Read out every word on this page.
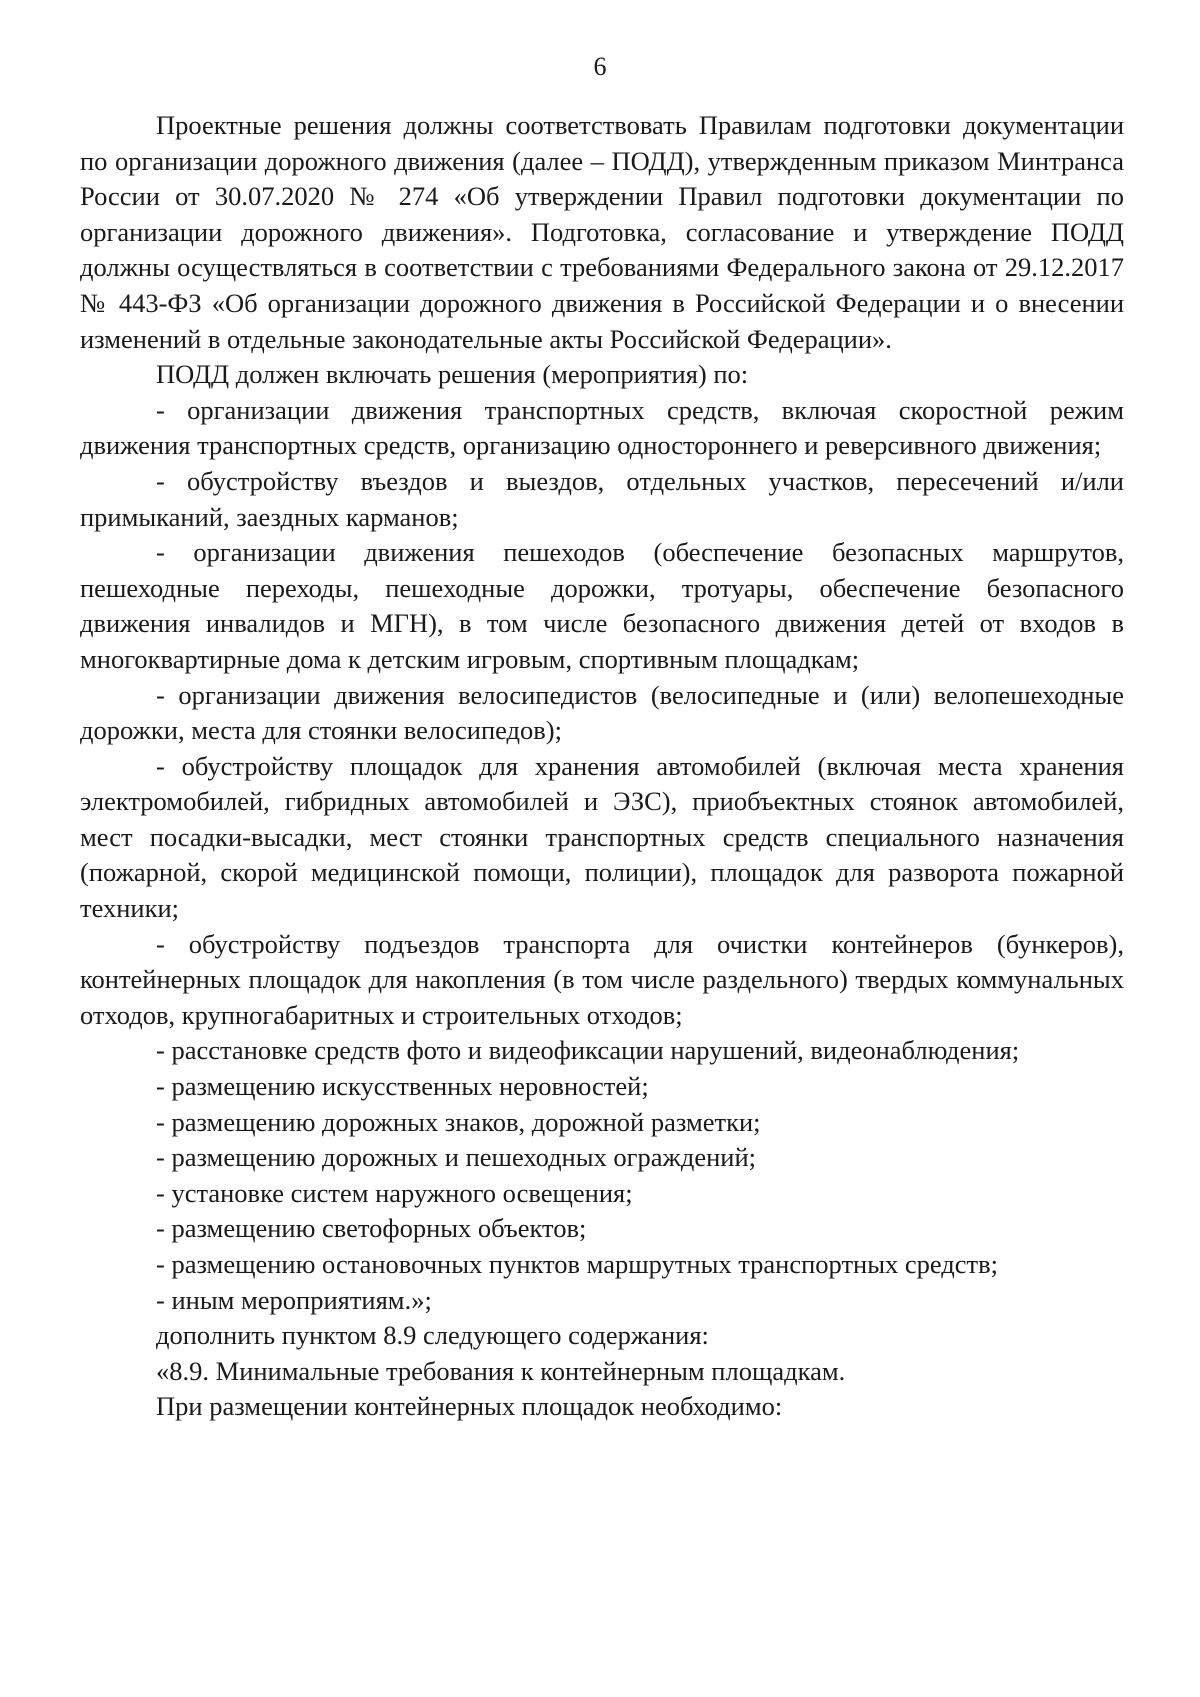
6

Проектные решения должны соответствовать Правилам подготовки документации по организации дорожного движения (далее – ПОДД), утвержденным приказом Минтранса России от 30.07.2020 № 274 «Об утверждении Правил подготовки документации по организации дорожного движения». Подготовка, согласование и утверждение ПОДД должны осуществляться в соответствии с требованиями Федерального закона от 29.12.2017 № 443-ФЗ «Об организации дорожного движения в Российской Федерации и о внесении изменений в отдельные законодательные акты Российской Федерации».

ПОДД должен включать решения (мероприятия) по:

- организации движения транспортных средств, включая скоростной режим движения транспортных средств, организацию одностороннего и реверсивного движения;

- обустройству въездов и выездов, отдельных участков, пересечений и/или примыканий, заездных карманов;

- организации движения пешеходов (обеспечение безопасных маршрутов, пешеходные переходы, пешеходные дорожки, тротуары, обеспечение безопасного движения инвалидов и МГН), в том числе безопасного движения детей от входов в многоквартирные дома к детским игровым, спортивным площадкам;

- организации движения велосипедистов (велосипедные и (или) велопешеходные дорожки, места для стоянки велосипедов);

- обустройству площадок для хранения автомобилей (включая места хранения электромобилей, гибридных автомобилей и ЭЗС), приобъектных стоянок автомобилей, мест посадки-высадки, мест стоянки транспортных средств специального назначения (пожарной, скорой медицинской помощи, полиции), площадок для разворота пожарной техники;

- обустройству подъездов транспорта для очистки контейнеров (бункеров), контейнерных площадок для накопления (в том числе раздельного) твердых коммунальных отходов, крупногабаритных и строительных отходов;

- расстановке средств фото и видеофиксации нарушений, видеонаблюдения;

- размещению искусственных неровностей;

- размещению дорожных знаков, дорожной разметки;

- размещению дорожных и пешеходных ограждений;

- установке систем наружного освещения;

- размещению светофорных объектов;

- размещению остановочных пунктов маршрутных транспортных средств;

- иным мероприятиям.»;

дополнить пунктом 8.9 следующего содержания:

«8.9. Минимальные требования к контейнерным площадкам.

При размещении контейнерных площадок необходимо:
